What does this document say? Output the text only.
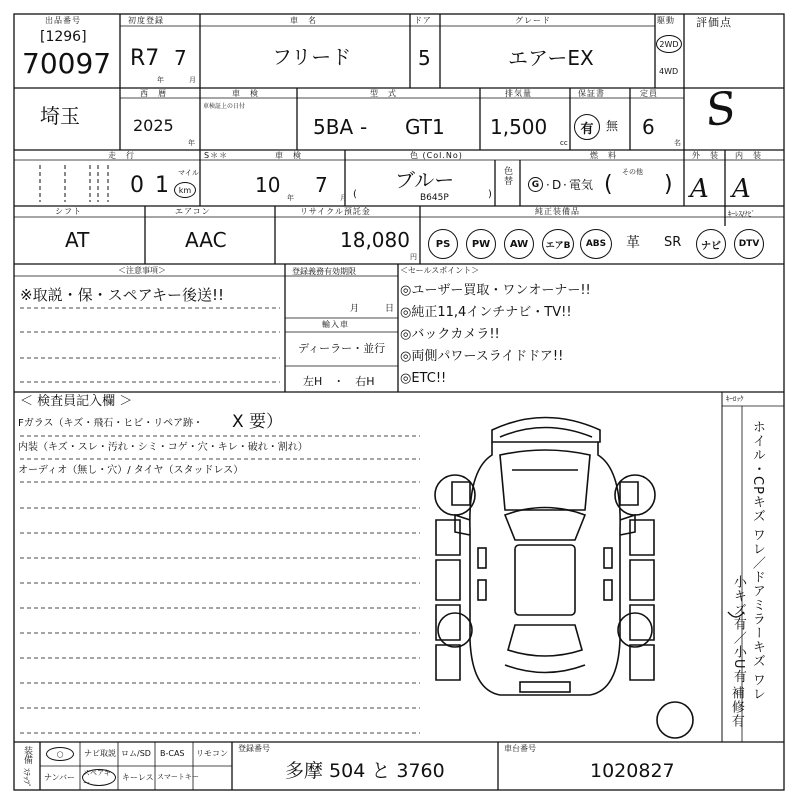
出品番号
[1296]
70097
初度登録
R7 7
年	月
車　名
フリード
ドア
5
グレード
エアーEX
駆動
2WD
4WD
評価点
S
埼玉
西　暦
2025
年
車　検
車検証上の日付
型　式
5BA - GT1
排気量
1,500
cc
保証書
有 無
定員
6
名
走　行
0 1 マイル
km
S＊＊	車　検
10
年
7
月
色 (Col.No)
ブルー
B645P
(	)
色替
燃　料
G · D · 電気
その他
( )
外　装
A
内　装
A
シフト
AT
エアコン
AAC
リサイクル預託金
18,080
円
純正装備品	ｷｰﾚｽ/ﾅﾋﾞ
PS PW AW エアB ABS 革 SR ナビ DTV
＜注意事項＞
※取説・保・スペアキー後送!!
登録義務有効期限
月	日
輸入車
ディーラー・並行
左H　・　右H
＜セールスポイント＞
◎ユーザー買取・ワンオーナー!!
◎純正11,4インチナビ・TV!!
◎バックカメラ!!
◎両側パワースライドドア!!
◎ETC!!
＜ 検査員記入欄 ＞
Fガラス（キズ・飛石・ヒビ・リペア跡・ X 要）
内装（キズ・スレ・汚れ・シミ・コゲ・穴・キレ・破れ・割れ）
オーディオ（無し・穴）/ タイヤ（スタッドレス）
ｷｰﾛｯｸ
ホイル・CPキズ ワレ／ドアミラーキズ ワレ
小キズ有／小U有
補修有
装備
ｽﾃｯﾌﾟ
◯	ナビ取説 ロム/SD B-CAS リモコン
ナンバー
スペアキー
キーレス スマートキー
登録番号
多摩 504 と 3760
車台番号
1020827
